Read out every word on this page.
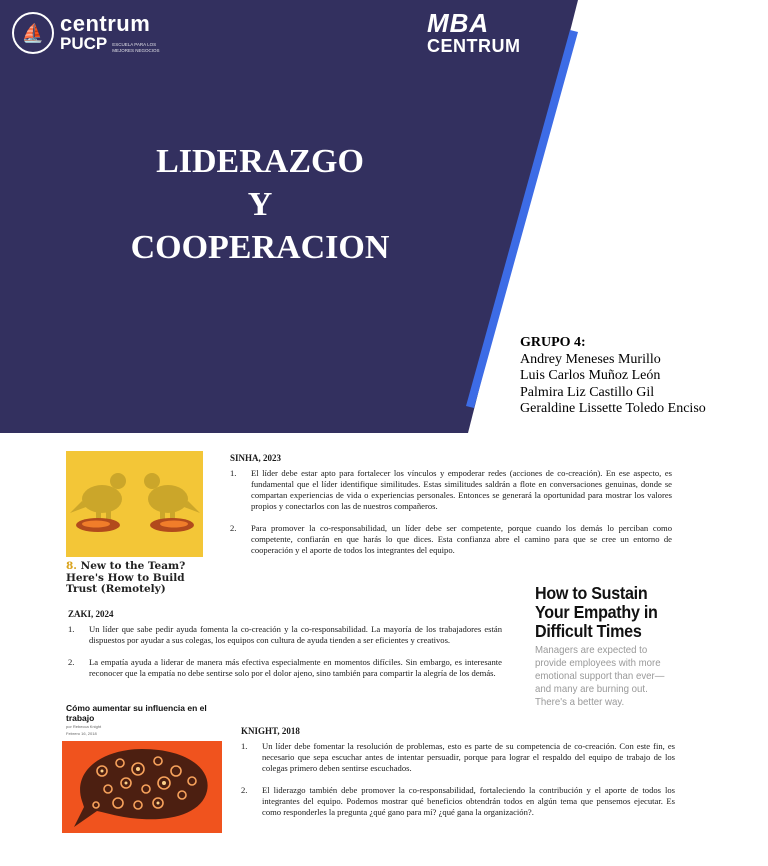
⛵ centrum
PUCP ESCUELA PARA LOS MEJORES NEGOCIOS
MBA
CENTRUM
LIDERAZGO
Y
COOPERACION
GRUPO 4:
Andrey Meneses Murillo
Luis Carlos Muñoz León
Palmira Liz Castillo Gil
Geraldine Lissette Toledo Enciso
8. New to the Team? Here's How to Build Trust (Remotely)
SINHA, 2023
1.	El líder debe estar apto para fortalecer los vínculos y empoderar redes (acciones de co-creación). En ese aspecto, es fundamental que el líder identifique similitudes. Estas similitudes saldrán a flote en conversaciones genuinas, donde se compartan experiencias de vida o experiencias personales. Entonces se generará la oportunidad para mostrar los valores propios y conectarlos con las de nuestros compañeros.
2.	Para promover la co-responsabilidad, un líder debe ser competente, porque cuando los demás lo perciban como competente, confiarán en que harás lo que dices. Esta confianza abre el camino para que se cree un entorno de cooperación y el aporte de todos los integrantes del equipo.
How to Sustain Your Empathy in Difficult Times
Managers are expected to provide employees with more emotional support than ever—and many are burning out. There's a better way.
ZAKI, 2024
1.	Un líder que sabe pedir ayuda fomenta la co-creación y la co-responsabilidad. La mayoría de los trabajadores están dispuestos por ayudar a sus colegas, los equipos con cultura de ayuda tienden a ser eficientes y creativos.
2.	La empatía ayuda a liderar de manera más efectiva especialmente en momentos difíciles. Sin embargo, es interesante reconocer que la empatía no debe sentirse solo por el dolor ajeno, sino también para compartir la alegría de los demás.
Cómo aumentar su influencia en el trabajo
por Rebecca Knight
Febrero 16, 2018	KNIGHT, 2018
1.	Un líder debe fomentar la resolución de problemas, esto es parte de su competencia de co-creación. Con este fin, es necesario que sepa escuchar antes de intentar persuadir, porque para lograr el respaldo del equipo de trabajo de los colegas primero deben sentirse escuchados.
2.	El liderazgo también debe promover la co-responsabilidad, fortaleciendo la contribución y el aporte de todos los integrantes del equipo. Podemos mostrar qué beneficios obtendrán todos en algún tema que pensemos ejecutar. Es como responderles la pregunta ¿qué gano para mí? ¿qué gana la organización?.
